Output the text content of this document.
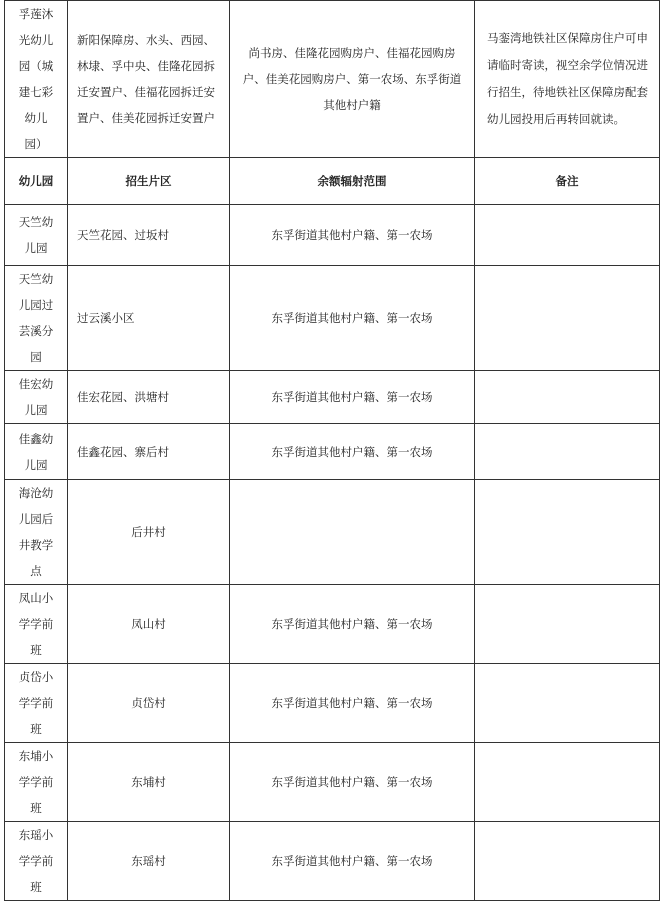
孚莲沐光幼儿园（城建七彩幼儿园）	新阳保障房、水头、西园、林埭、孚中央、佳隆花园拆迁安置户、佳福花园拆迁安置户、佳美花园拆迁安置户	尚书房、佳隆花园购房户、佳福花园购房户、佳美花园购房户、第一农场、东孚街道其他村户籍	马銮湾地铁社区保障房住户可申请临时寄读，视空余学位情况进行招生，待地铁社区保障房配套幼儿园投用后再转回就读。
幼儿园	招生片区	余额辐射范围	备注
天竺幼儿园	天竺花园、过坂村	东孚街道其他村户籍、第一农场	
天竺幼儿园过芸溪分园	过云溪小区	东孚街道其他村户籍、第一农场	
佳宏幼儿园	佳宏花园、洪塘村	东孚街道其他村户籍、第一农场	
佳鑫幼儿园	佳鑫花园、寨后村	东孚街道其他村户籍、第一农场	
海沧幼儿园后井教学点	后井村		
凤山小学学前班	凤山村	东孚街道其他村户籍、第一农场	
贞岱小学学前班	贞岱村	东孚街道其他村户籍、第一农场	
东埔小学学前班	东埔村	东孚街道其他村户籍、第一农场	
东瑶小学学前班	东瑶村	东孚街道其他村户籍、第一农场	
